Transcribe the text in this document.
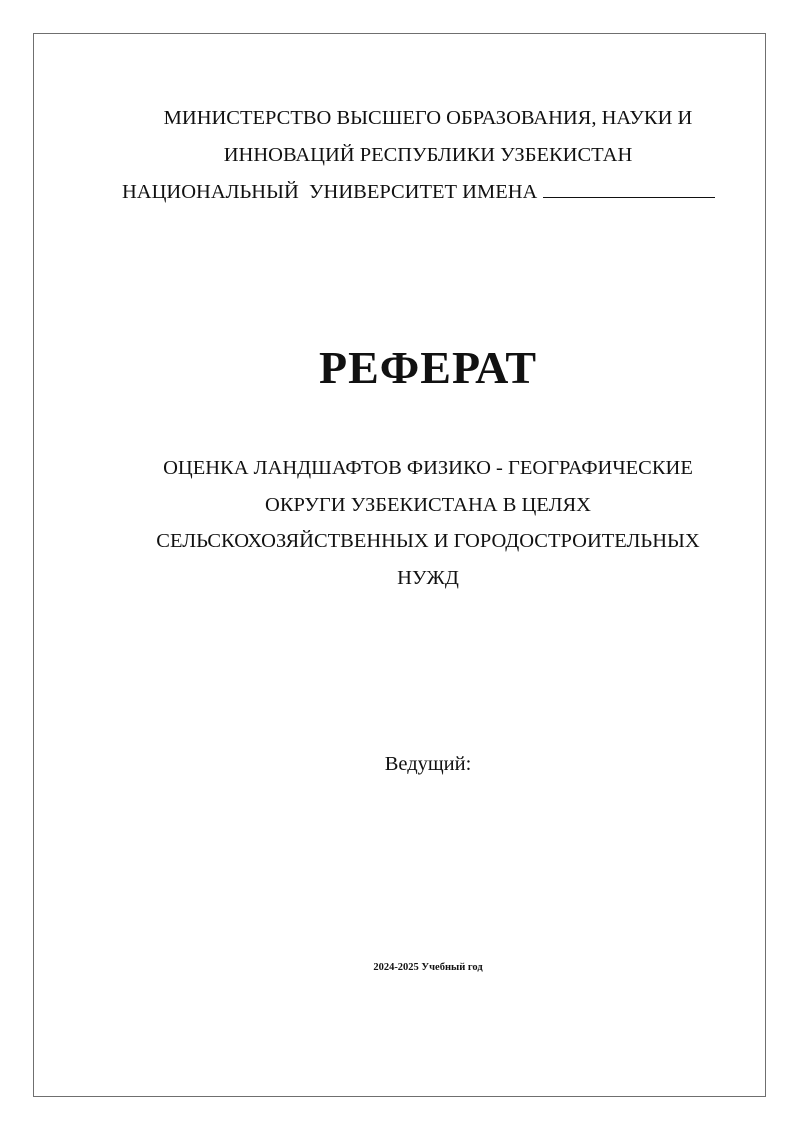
МИНИСТЕРСТВО ВЫСШЕГО ОБРАЗОВАНИЯ, НАУКИ И
ИННОВАЦИЙ РЕСПУБЛИКИ УЗБЕКИСТАН
НАЦИОНАЛЬНЫЙ  УНИВЕРСИТЕТ ИМЕНА
РЕФЕРАТ
ОЦЕНКА ЛАНДШАФТОВ ФИЗИКО - ГЕОГРАФИЧЕСКИЕ
ОКРУГИ УЗБЕКИСТАНА В ЦЕЛЯХ
СЕЛЬСКОХОЗЯЙСТВЕННЫХ И ГОРОДОСТРОИТЕЛЬНЫХ
НУЖД
Ведущий:
2024-2025 Учебный год
